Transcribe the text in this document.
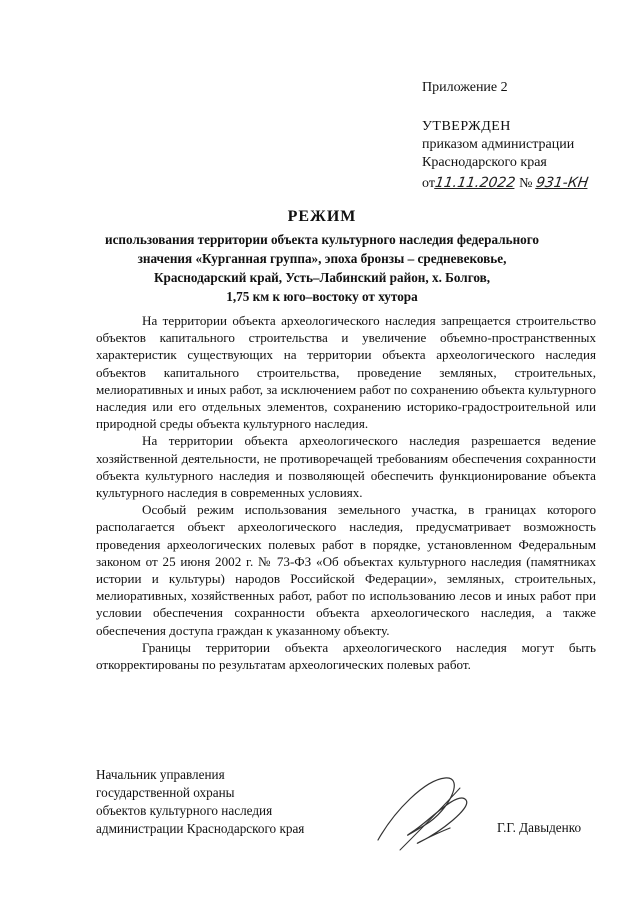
Приложение 2
УТВЕРЖДЕН
приказом администрации
Краснодарского края
от
11.11.2022 № 931-КН
РЕЖИМ
использования территории объекта культурного наследия федерального
значения «Курганная группа», эпоха бронзы – средневековье,
Краснодарский край, Усть–Лабинский район, х. Болгов,
1,75 км к юго–востоку от хутора

На территории объекта археологического наследия запрещается строительство объектов капитального строительства и увеличение объемно-пространственных характеристик существующих на территории объекта археологического наследия объектов капитального строительства, проведение земляных, строительных, мелиоративных и иных работ, за исключением работ по сохранению объекта культурного наследия или его отдельных элементов, сохранению историко-градостроительной или природной среды объекта культурного наследия.

На территории объекта археологического наследия разрешается ведение хозяйственной деятельности, не противоречащей требованиям обеспечения сохранности объекта культурного наследия и позволяющей обеспечить функционирование объекта культурного наследия в современных условиях.

Особый режим использования земельного участка, в границах которого располагается объект археологического наследия, предусматривает возможность проведения археологических полевых работ в порядке, установленном Федеральным законом от 25 июня 2002 г. № 73-ФЗ «Об объектах культурного наследия (памятниках истории и культуры) народов Российской Федерации», земляных, строительных, мелиоративных, хозяйственных работ, работ по использованию лесов и иных работ при условии обеспечения сохранности объекта археологического наследия, а также обеспечения доступа граждан к указанному объекту.

Границы территории объекта археологического наследия могут быть откорректированы по результатам археологических полевых работ.

Начальник управления
государственной охраны
объектов культурного наследия
администрации Краснодарского края	Г.Г. Давыденко
